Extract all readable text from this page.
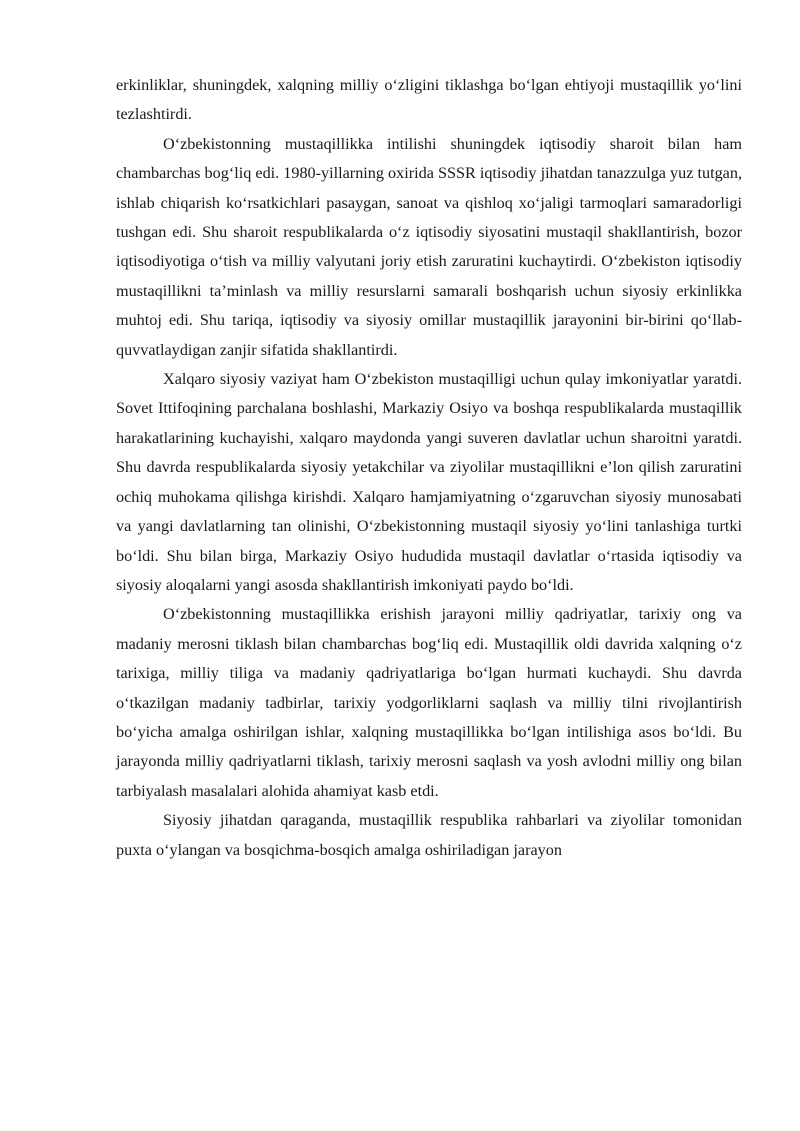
erkinliklar, shuningdek, xalqning milliy o‘zligini tiklashga bo‘lgan ehtiyoji mustaqillik yo‘lini tezlashtirdi.

O‘zbekistonning mustaqillikka intilishi shuningdek iqtisodiy sharoit bilan ham chambarchas bog‘liq edi. 1980-yillarning oxirida SSSR iqtisodiy jihatdan tanazzulga yuz tutgan, ishlab chiqarish ko‘rsatkichlari pasaygan, sanoat va qishloq xo‘jaligi tarmoqlari samaradorligi tushgan edi. Shu sharoit respublikalarda o‘z iqtisodiy siyosatini mustaqil shakllantirish, bozor iqtisodiyotiga o‘tish va milliy valyutani joriy etish zaruratini kuchaytirdi. O‘zbekiston iqtisodiy mustaqillikni ta’minlash va milliy resurslarni samarali boshqarish uchun siyosiy erkinlikka muhtoj edi. Shu tariqa, iqtisodiy va siyosiy omillar mustaqillik jarayonini bir-birini qo‘llab-quvvatlaydigan zanjir sifatida shakllantirdi.

Xalqaro siyosiy vaziyat ham O‘zbekiston mustaqilligi uchun qulay imkoniyatlar yaratdi. Sovet Ittifoqining parchalana boshlashi, Markaziy Osiyo va boshqa respublikalarda mustaqillik harakatlarining kuchayishi, xalqaro maydonda yangi suveren davlatlar uchun sharoitni yaratdi. Shu davrda respublikalarda siyosiy yetakchilar va ziyolilar mustaqillikni e’lon qilish zaruratini ochiq muhokama qilishga kirishdi. Xalqaro hamjamiyatning o‘zgaruvchan siyosiy munosabati va yangi davlatlarning tan olinishi, O‘zbekistonning mustaqil siyosiy yo‘lini tanlashiga turtki bo‘ldi. Shu bilan birga, Markaziy Osiyo hududida mustaqil davlatlar o‘rtasida iqtisodiy va siyosiy aloqalarni yangi asosda shakllantirish imkoniyati paydo bo‘ldi.

O‘zbekistonning mustaqillikka erishish jarayoni milliy qadriyatlar, tarixiy ong va madaniy merosni tiklash bilan chambarchas bog‘liq edi. Mustaqillik oldi davrida xalqning o‘z tarixiga, milliy tiliga va madaniy qadriyatlariga bo‘lgan hurmati kuchaydi. Shu davrda o‘tkazilgan madaniy tadbirlar, tarixiy yodgorliklarni saqlash va milliy tilni rivojlantirish bo‘yicha amalga oshirilgan ishlar, xalqning mustaqillikka bo‘lgan intilishiga asos bo‘ldi. Bu jarayonda milliy qadriyatlarni tiklash, tarixiy merosni saqlash va yosh avlodni milliy ong bilan tarbiyalash masalalari alohida ahamiyat kasb etdi.

Siyosiy jihatdan qaraganda, mustaqillik respublika rahbarlari va ziyolilar tomonidan puxta o‘ylangan va bosqichma-bosqich amalga oshiriladigan jarayon
